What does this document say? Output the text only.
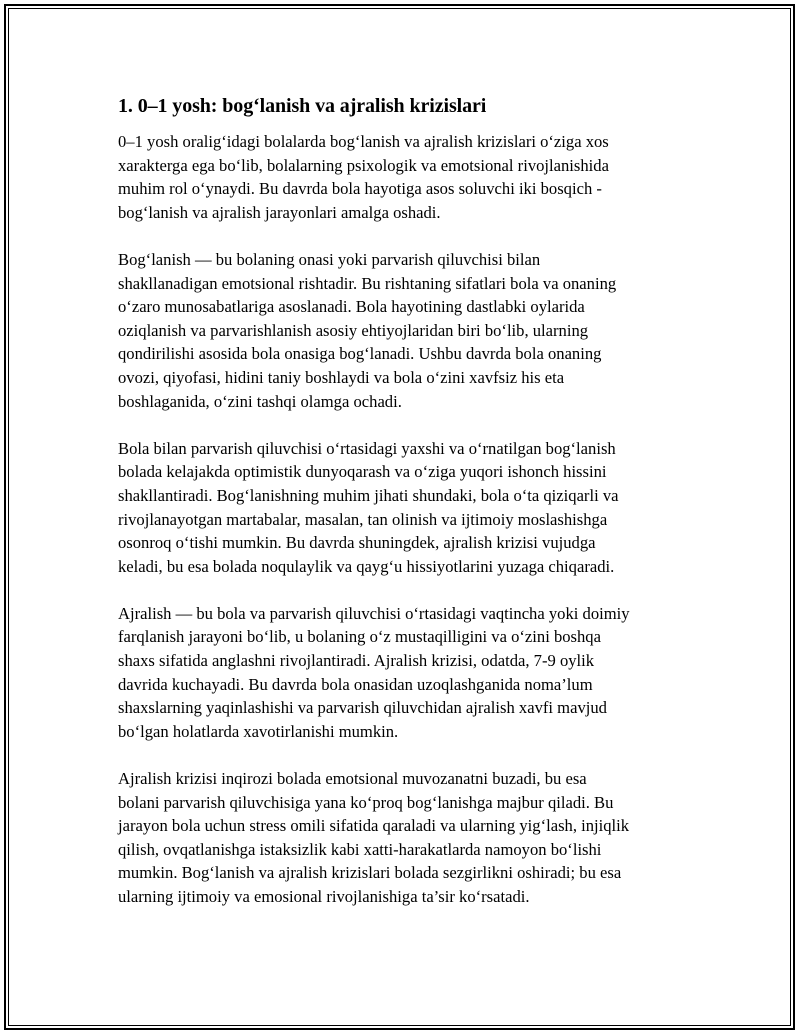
1. 0–1 yosh: bog‘lanish va ajralish krizislari

0–1 yosh oralig‘idagi bolalarda bog‘lanish va ajralish krizislari o‘ziga xos
xarakterga ega bo‘lib, bolalarning psixologik va emotsional rivojlanishida
muhim rol o‘ynaydi. Bu davrda bola hayotiga asos soluvchi iki bosqich -
bog‘lanish va ajralish jarayonlari amalga oshadi.

Bog‘lanish — bu bolaning onasi yoki parvarish qiluvchisi bilan
shakllanadigan emotsional rishtadir. Bu rishtaning sifatlari bola va onaning
o‘zaro munosabatlariga asoslanadi. Bola hayotining dastlabki oylarida
oziqlanish va parvarishlanish asosiy ehtiyojlaridan biri bo‘lib, ularning
qondirilishi asosida bola onasiga bog‘lanadi. Ushbu davrda bola onaning
ovozi, qiyofasi, hidini taniy boshlaydi va bola o‘zini xavfsiz his eta
boshlaganida, o‘zini tashqi olamga ochadi.

Bola bilan parvarish qiluvchisi o‘rtasidagi yaxshi va o‘rnatilgan bog‘lanish
bolada kelajakda optimistik dunyoqarash va o‘ziga yuqori ishonch hissini
shakllantiradi. Bog‘lanishning muhim jihati shundaki, bola o‘ta qiziqarli va
rivojlanayotgan martabalar, masalan, tan olinish va ijtimoiy moslashishga
osonroq o‘tishi mumkin. Bu davrda shuningdek, ajralish krizisi vujudga
keladi, bu esa bolada noqulaylik va qayg‘u hissiyotlarini yuzaga chiqaradi.

Ajralish — bu bola va parvarish qiluvchisi o‘rtasidagi vaqtincha yoki doimiy
farqlanish jarayoni bo‘lib, u bolaning o‘z mustaqilligini va o‘zini boshqa
shaxs sifatida anglashni rivojlantiradi. Ajralish krizisi, odatda, 7-9 oylik
davrida kuchayadi. Bu davrda bola onasidan uzoqlashganida noma’lum
shaxslarning yaqinlashishi va parvarish qiluvchidan ajralish xavfi mavjud
bo‘lgan holatlarda xavotirlanishi mumkin.

Ajralish krizisi inqirozi bolada emotsional muvozanatni buzadi, bu esa
bolani parvarish qiluvchisiga yana ko‘proq bog‘lanishga majbur qiladi. Bu
jarayon bola uchun stress omili sifatida qaraladi va ularning yig‘lash, injiqlik
qilish, ovqatlanishga istaksizlik kabi xatti-harakatlarda namoyon bo‘lishi
mumkin. Bog‘lanish va ajralish krizislari bolada sezgirlikni oshiradi; bu esa
ularning ijtimoiy va emosional rivojlanishiga ta’sir ko‘rsatadi.
